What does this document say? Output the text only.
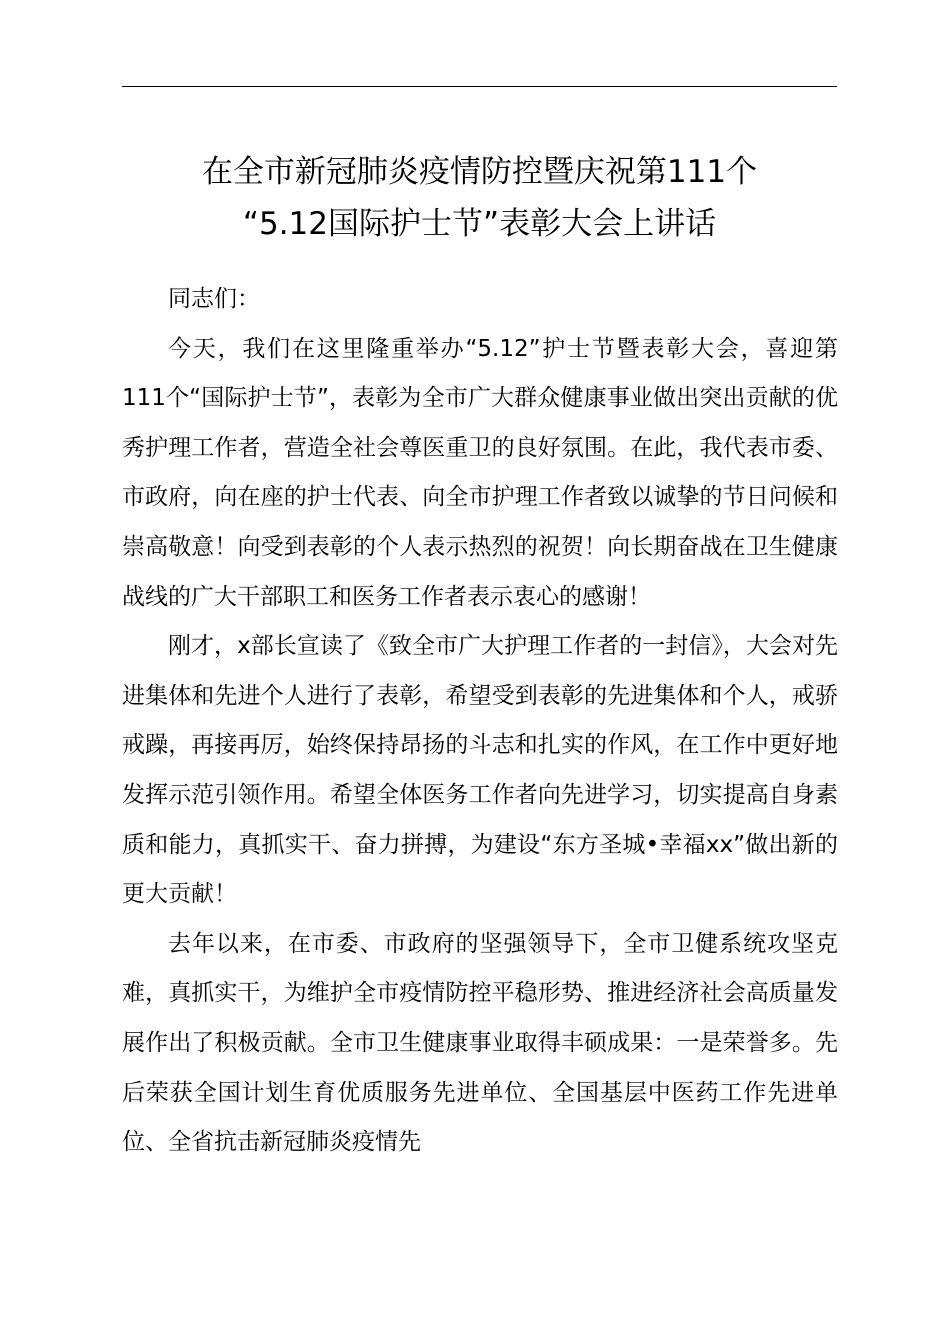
在全市新冠肺炎疫情防控暨庆祝第111个
“5.12国际护士节”表彰大会上讲话

同志们：

今天，我们在这里隆重举办“5.12”护士节暨表彰大会，喜迎第111个“国际护士节”，表彰为全市广大群众健康事业做出突出贡献的优秀护理工作者，营造全社会尊医重卫的良好氛围。在此，我代表市委、市政府，向在座的护士代表、向全市护理工作者致以诚挚的节日问候和崇高敬意！向受到表彰的个人表示热烈的祝贺！向长期奋战在卫生健康战线的广大干部职工和医务工作者表示衷心的感谢！

刚才，x部长宣读了《致全市广大护理工作者的一封信》，大会对先进集体和先进个人进行了表彰，希望受到表彰的先进集体和个人，戒骄戒躁，再接再厉，始终保持昂扬的斗志和扎实的作风，在工作中更好地发挥示范引领作用。希望全体医务工作者向先进学习，切实提高自身素质和能力，真抓实干、奋力拼搏，为建设“东方圣城•幸福xx”做出新的更大贡献！

去年以来，在市委、市政府的坚强领导下，全市卫健系统攻坚克难，真抓实干，为维护全市疫情防控平稳形势、推进经济社会高质量发展作出了积极贡献。全市卫生健康事业取得丰硕成果：一是荣誉多。先后荣获全国计划生育优质服务先进单位、全国基层中医药工作先进单位、全省抗击新冠肺炎疫情先
